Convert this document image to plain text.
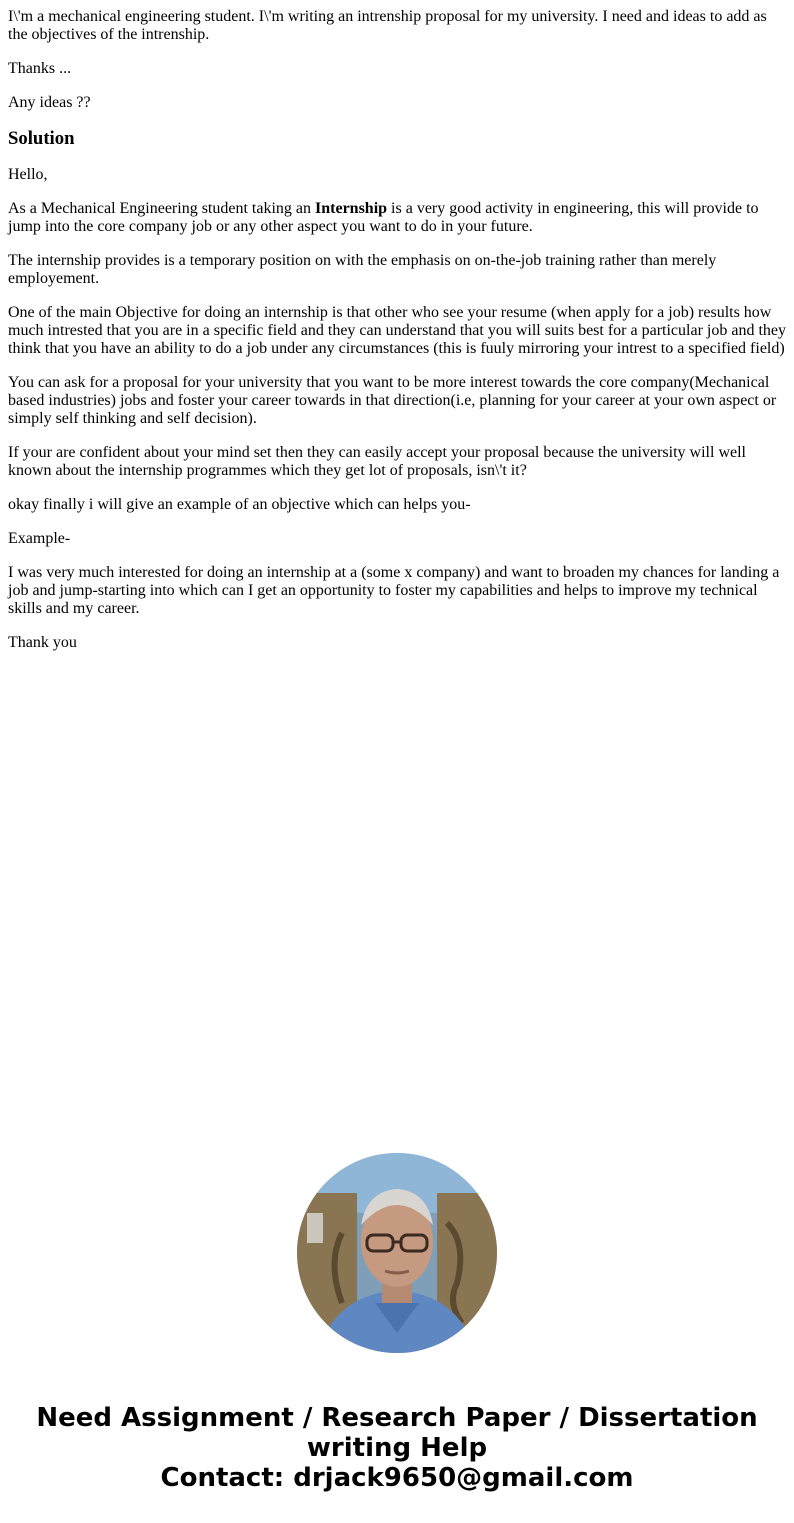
I\'m a mechanical engineering student. I\'m writing an intrenship proposal for my university. I need and ideas to add as the objectives of the intrenship.

Thanks ...

Any ideas ??

Solution

Hello,

As a Mechanical Engineering student taking an Internship is a very good activity in engineering, this will provide to jump into the core company job or any other aspect you want to do in your future.

The internship provides is a temporary position on with the emphasis on on-the-job training rather than merely employement.

One of the main Objective for doing an internship is that other who see your resume (when apply for a job) results how much intrested that you are in a specific field and they can understand that you will suits best for a particular job and they think that you have an ability to do a job under any circumstances (this is fuuly mirroring your intrest to a specified field)

You can ask for a proposal for your university that you want to be more interest towards the core company(Mechanical based industries) jobs and foster your career towards in that direction(i.e, planning for your career at your own aspect or simply self thinking and self decision).

If your are confident about your mind set then they can easily accept your proposal because the university will well known about the internship programmes which they get lot of proposals, isn\'t it?

okay finally i will give an example of an objective which can helps you-

Example-

I was very much interested for doing an internship at a (some x company) and want to broaden my chances for landing a job and jump-starting into which can I get an opportunity to foster my capabilities and helps to improve my technical skills and my career.

Thank you

Need Assignment / Research Paper / Dissertation
writing Help
Contact: drjack9650@gmail.com
